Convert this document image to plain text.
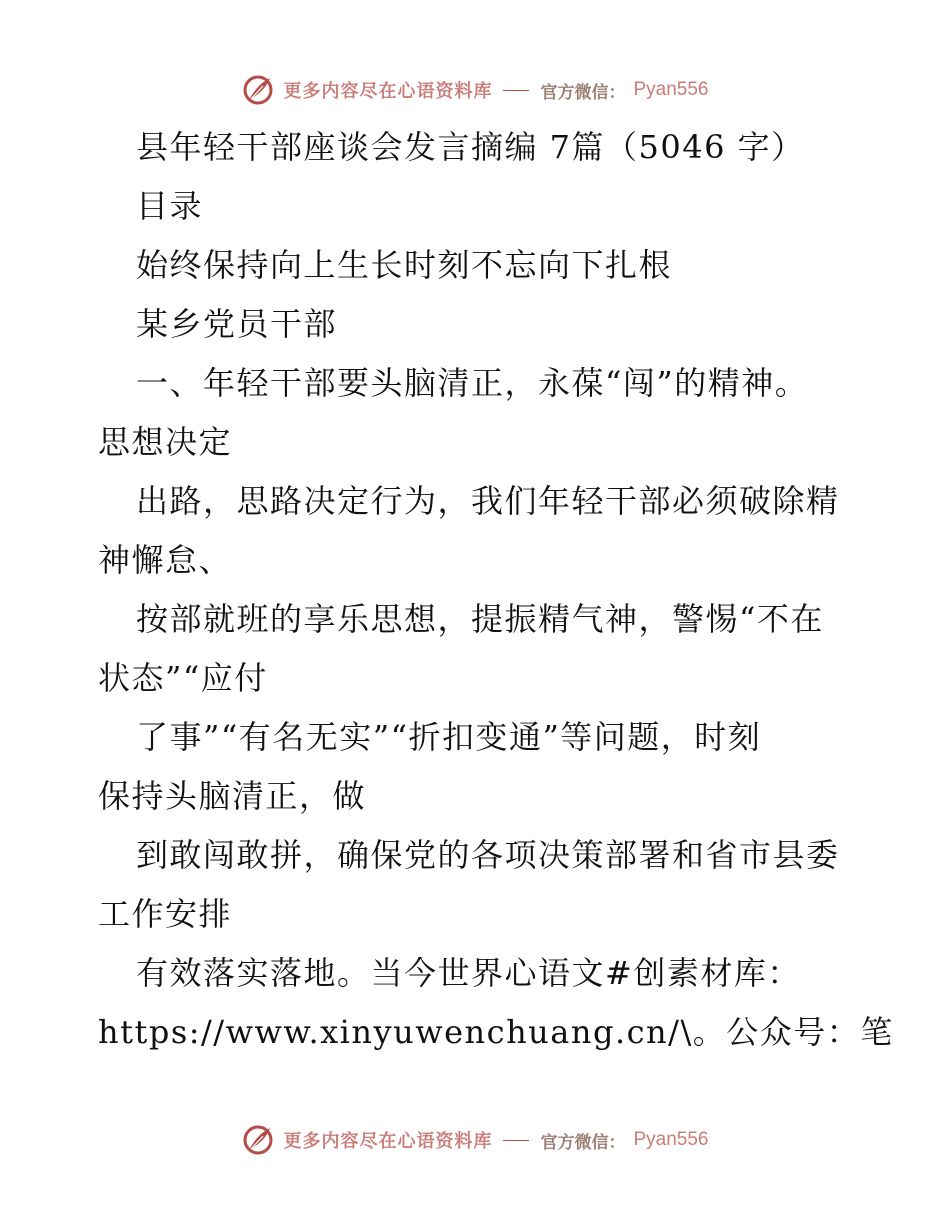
更多内容尽在心语资料库	官方微信： Pyan556
县年轻干部座谈会发言摘编 7篇（5046 字）
目录
始终保持向上生长时刻不忘向下扎根
某乡党员干部
一、年轻干部要头脑清正，永葆“闯”的精神。
思想决定
出路，思路决定行为，我们年轻干部必须破除精
神懈怠、
按部就班的享乐思想，提振精气神，警惕“不在
状态”“应付
了事”“有名无实”“折扣变通”等问题，时刻
保持头脑清正，做
到敢闯敢拼，确保党的各项决策部署和省市县委
工作安排
有效落实落地。当今世界心语文#创素材库：
https://www.xinyuwenchuang.cn/\。公众号：笔
更多内容尽在心语资料库	官方微信： Pyan556
